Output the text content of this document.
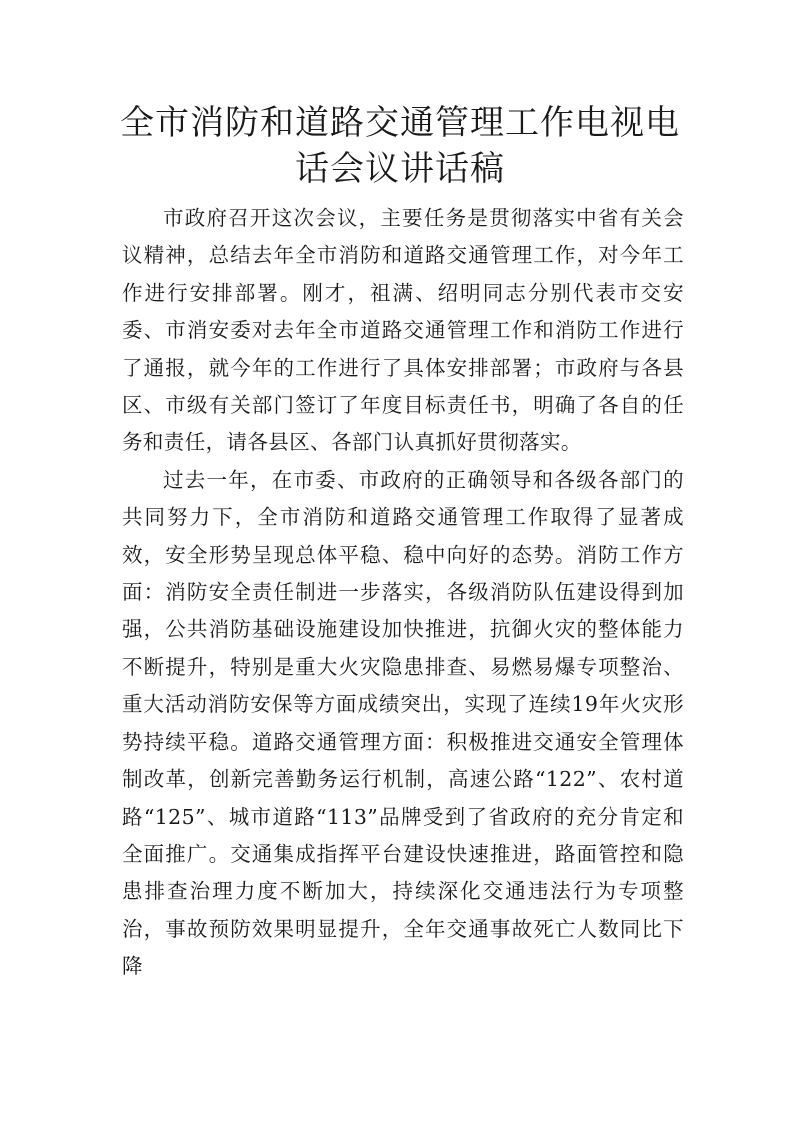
全市消防和道路交通管理工作电视电话会议讲话稿

市政府召开这次会议，主要任务是贯彻落实中省有关会议精神，总结去年全市消防和道路交通管理工作，对今年工作进行安排部署。刚才，祖满、绍明同志分别代表市交安委、市消安委对去年全市道路交通管理工作和消防工作进行了通报，就今年的工作进行了具体安排部署；市政府与各县区、市级有关部门签订了年度目标责任书，明确了各自的任务和责任，请各县区、各部门认真抓好贯彻落实。

过去一年，在市委、市政府的正确领导和各级各部门的共同努力下，全市消防和道路交通管理工作取得了显著成效，安全形势呈现总体平稳、稳中向好的态势。消防工作方面：消防安全责任制进一步落实，各级消防队伍建设得到加强，公共消防基础设施建设加快推进，抗御火灾的整体能力不断提升，特别是重大火灾隐患排查、易燃易爆专项整治、重大活动消防安保等方面成绩突出，实现了连续19年火灾形势持续平稳。道路交通管理方面：积极推进交通安全管理体制改革，创新完善勤务运行机制，高速公路“122”、农村道路“125”、城市道路“113”品牌受到了省政府的充分肯定和全面推广。交通集成指挥平台建设快速推进，路面管控和隐患排查治理力度不断加大，持续深化交通违法行为专项整治，事故预防效果明显提升，全年交通事故死亡人数同比下降
